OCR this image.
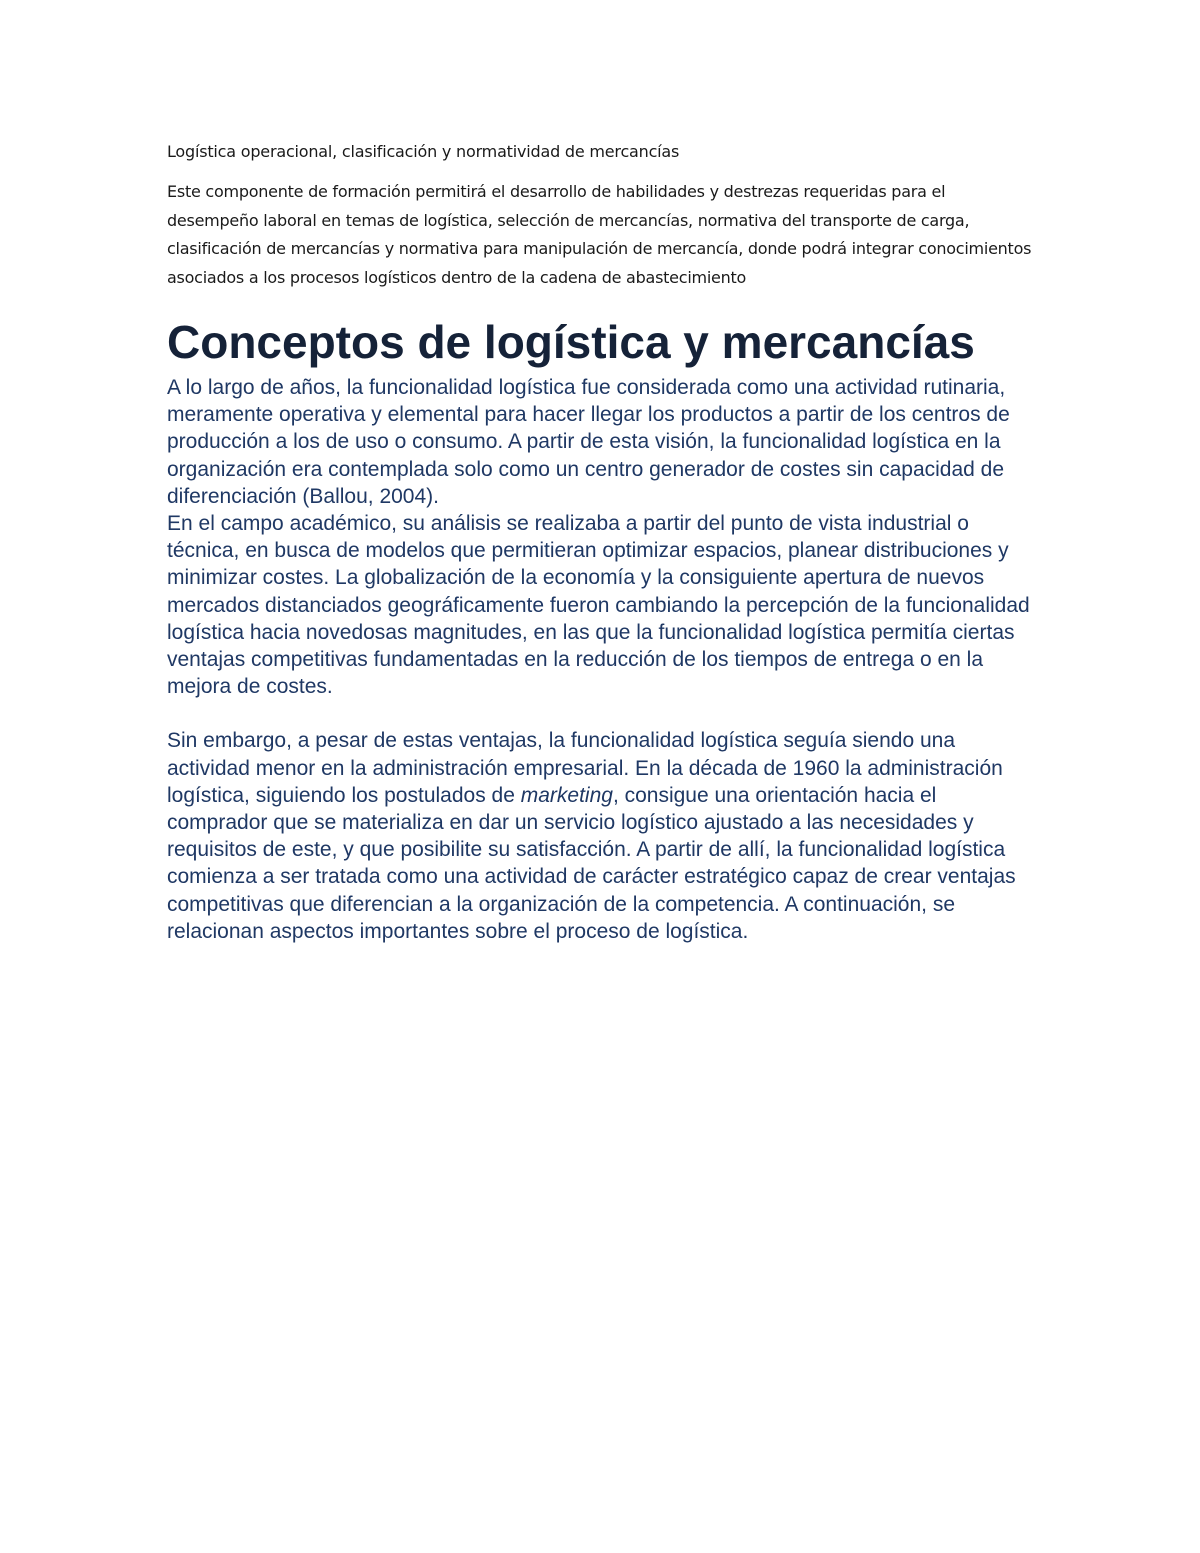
Logística operacional, clasificación y normatividad de mercancías

Este componente de formación permitirá el desarrollo de habilidades y destrezas requeridas para el desempeño laboral en temas de logística, selección de mercancías, normativa del transporte de carga, clasificación de mercancías y normativa para manipulación de mercancía, donde podrá integrar conocimientos asociados a los procesos logísticos dentro de la cadena de abastecimiento

Conceptos de logística y mercancías

A lo largo de años, la funcionalidad logística fue considerada como una actividad rutinaria, meramente operativa y elemental para hacer llegar los productos a partir de los centros de producción a los de uso o consumo. A partir de esta visión, la funcionalidad logística en la organización era contemplada solo como un centro generador de costes sin capacidad de diferenciación (Ballou, 2004).

En el campo académico, su análisis se realizaba a partir del punto de vista industrial o técnica, en busca de modelos que permitieran optimizar espacios, planear distribuciones y minimizar costes. La globalización de la economía y la consiguiente apertura de nuevos mercados distanciados geográficamente fueron cambiando la percepción de la funcionalidad logística hacia novedosas magnitudes, en las que la funcionalidad logística permitía ciertas ventajas competitivas fundamentadas en la reducción de los tiempos de entrega o en la mejora de costes.

Sin embargo, a pesar de estas ventajas, la funcionalidad logística seguía siendo una actividad menor en la administración empresarial. En la década de 1960 la administración logística, siguiendo los postulados de marketing, consigue una orientación hacia el comprador que se materializa en dar un servicio logístico ajustado a las necesidades y requisitos de este, y que posibilite su satisfacción. A partir de allí, la funcionalidad logística comienza a ser tratada como una actividad de carácter estratégico capaz de crear ventajas competitivas que diferencian a la organización de la competencia. A continuación, se relacionan aspectos importantes sobre el proceso de logística.
